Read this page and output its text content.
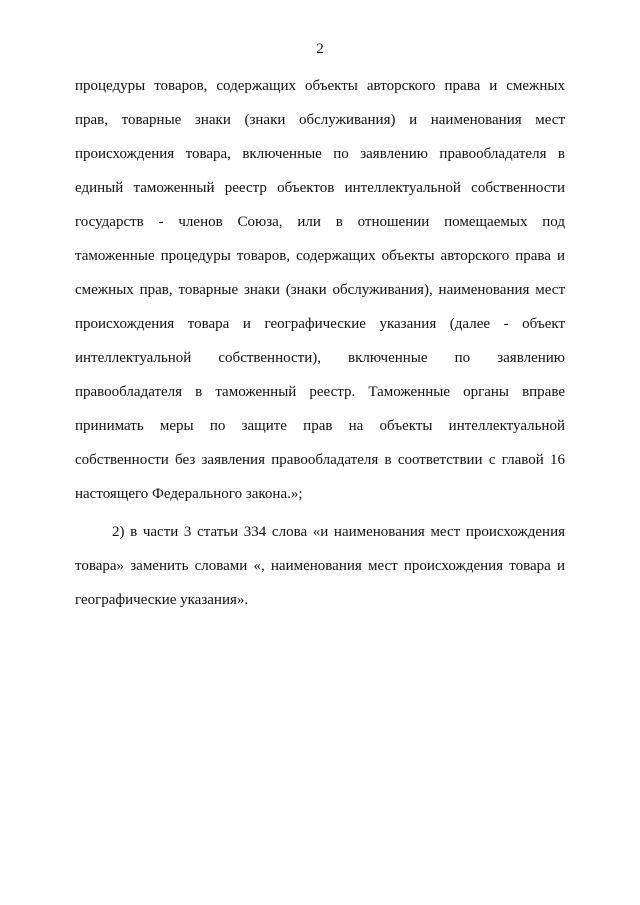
2
процедуры товаров, содержащих объекты авторского права и смежных
прав, товарные знаки (знаки обслуживания) и наименования мест
происхождения товара, включенные по заявлению правообладателя в
единый таможенный реестр объектов интеллектуальной собственности
государств - членов Союза, или в отношении помещаемых под
таможенные процедуры товаров, содержащих объекты авторского права и
смежных прав, товарные знаки (знаки обслуживания), наименования мест
происхождения товара и географические указания (далее - объект
интеллектуальной собственности), включенные по заявлению
правообладателя в таможенный реестр. Таможенные органы вправе
принимать меры по защите прав на объекты интеллектуальной
собственности без заявления правообладателя в соответствии с главой 16
настоящего Федерального закона.»;
2) в части 3 статьи 334 слова «и наименования мест происхождения
товара» заменить словами «, наименования мест происхождения товара и
географические указания».
